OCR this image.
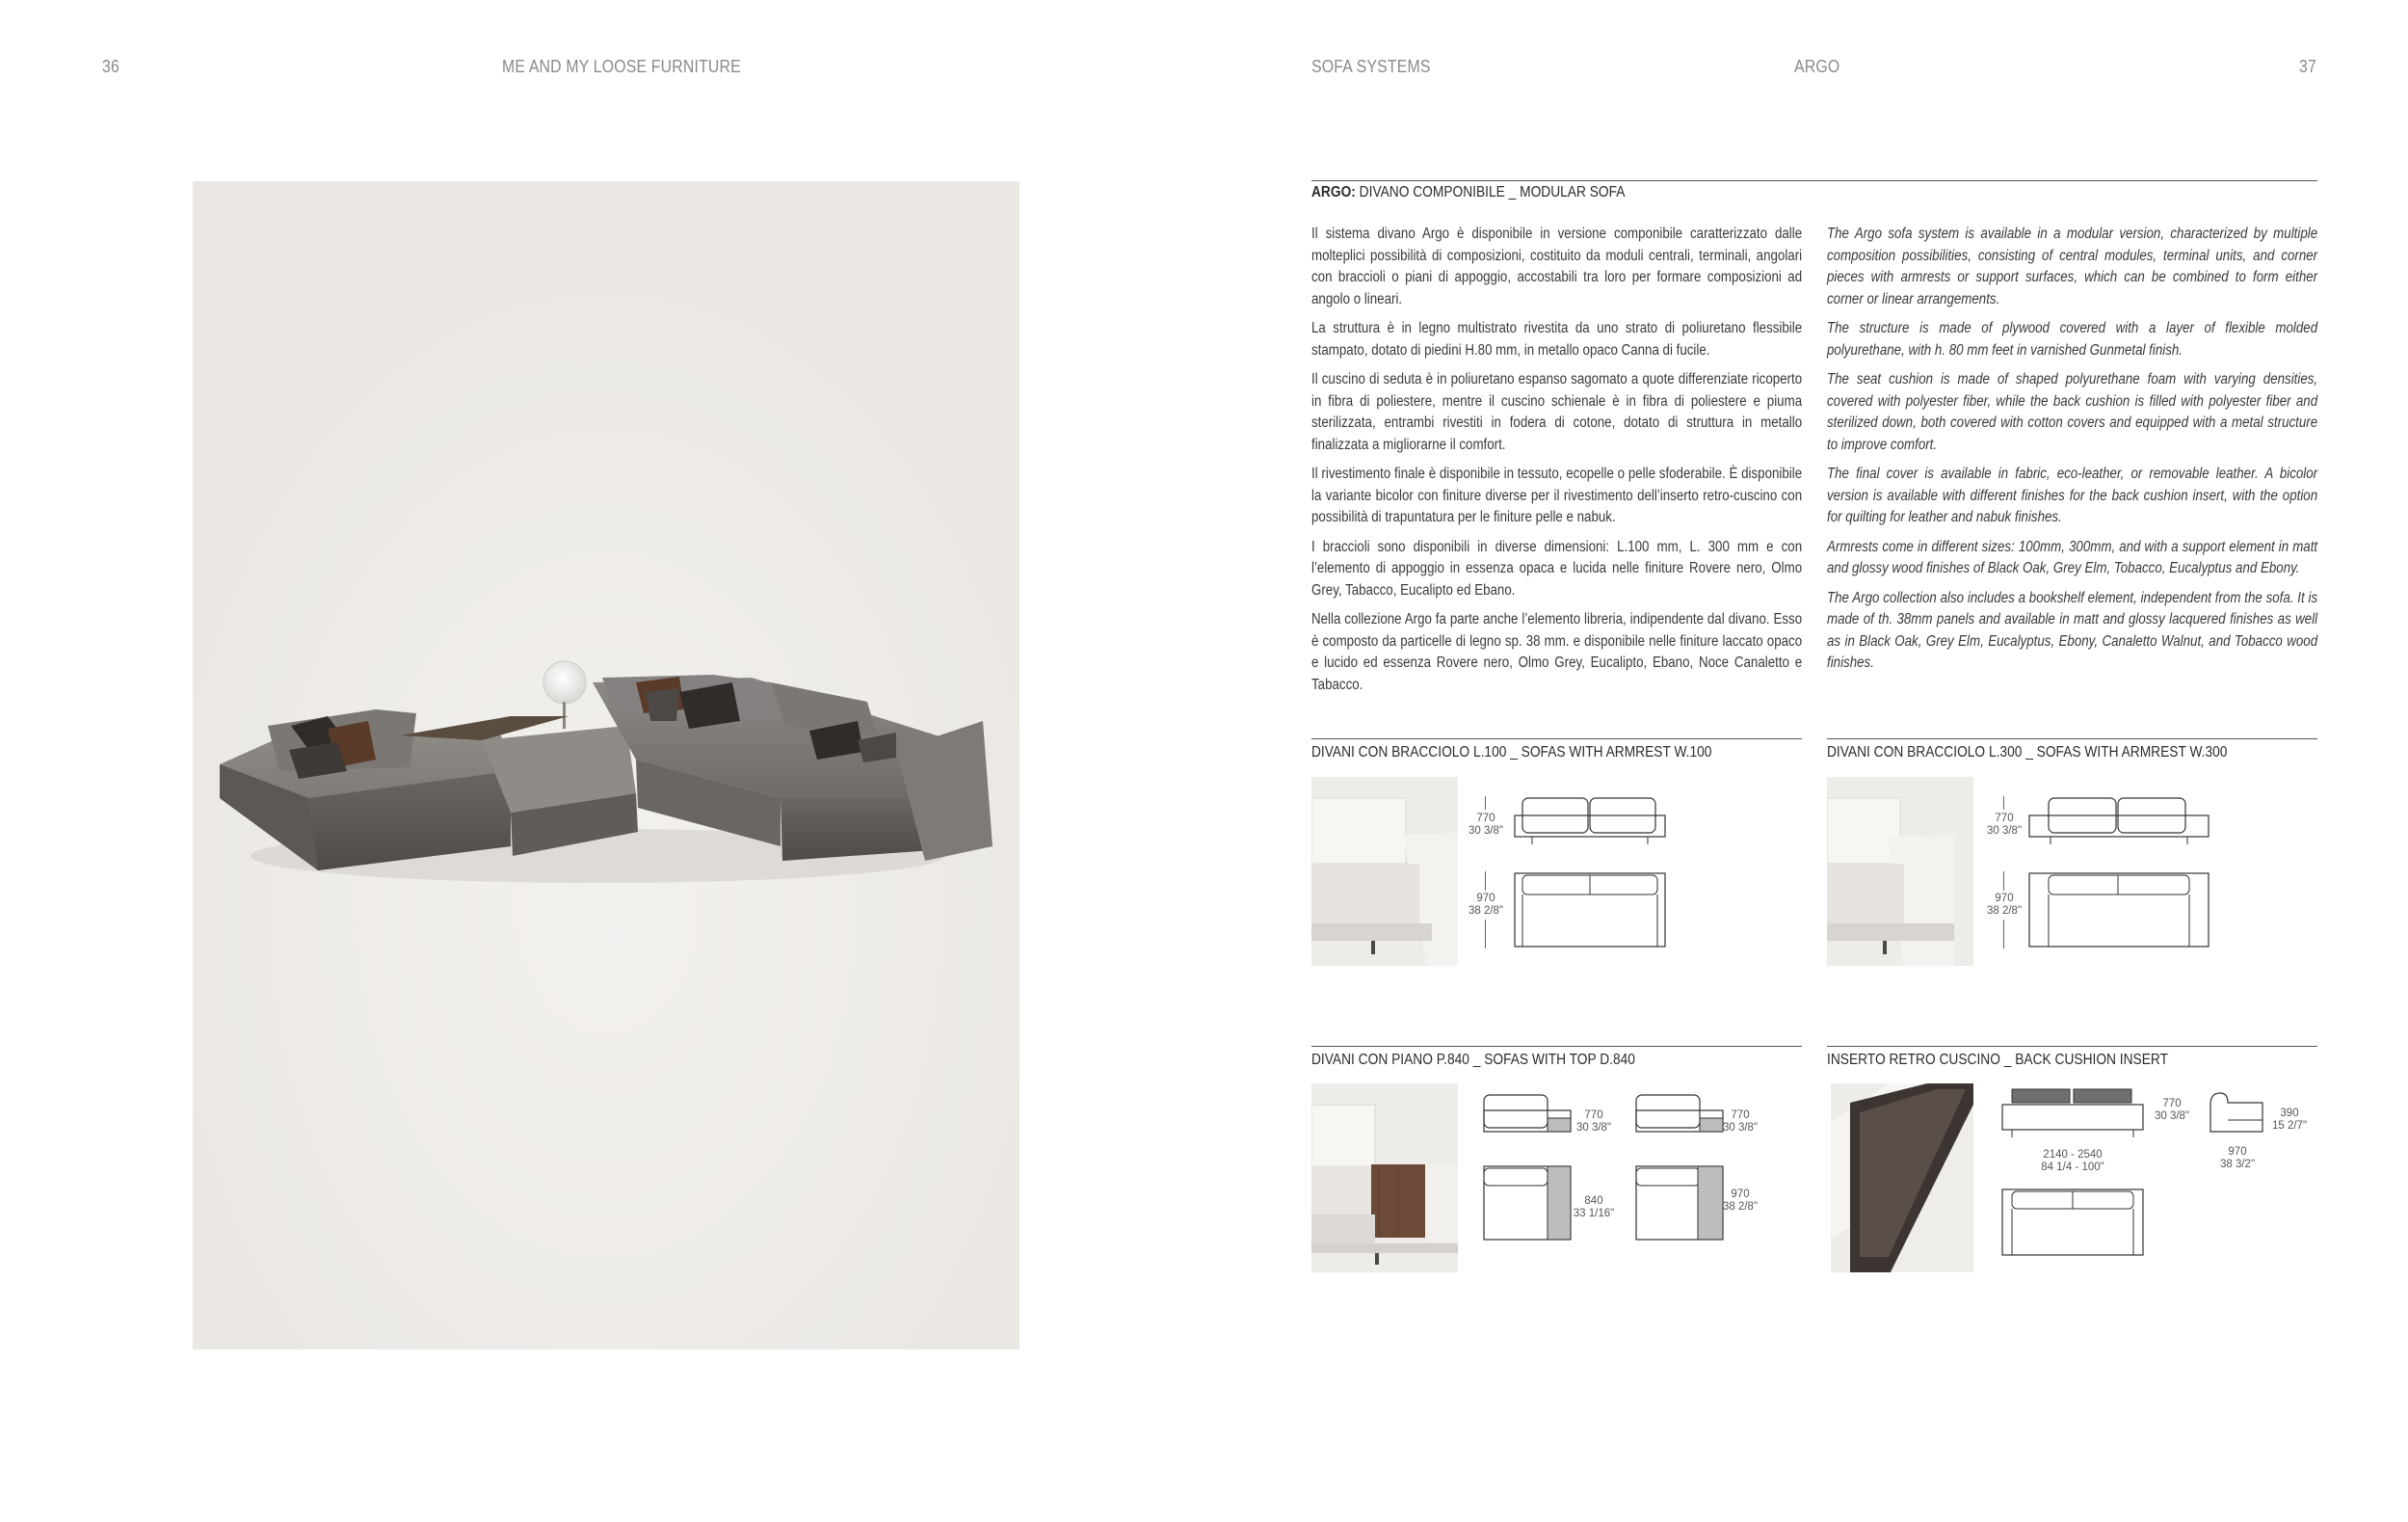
36	ME AND MY LOOSE FURNITURE	SOFA SYSTEMS	ARGO	37
ARGO: DIVANO COMPONIBILE _ MODULAR SOFA

Il sistema divano Argo è disponibile in versione componibile caratterizzato dalle molteplici possibilità di composizioni, costituito da moduli centrali, terminali, angolari con braccioli o piani di appoggio, accostabili tra loro per formare composizioni ad angolo o lineari.

La struttura è in legno multistrato rivestita da uno strato di poliuretano flessibile stampato, dotato di piedini H.80 mm, in metallo opaco Canna di fucile.

Il cuscino di seduta è in poliuretano espanso sagomato a quote differenziate ricoperto in fibra di poliestere, mentre il cuscino schienale è in fibra di poliestere e piuma sterilizzata, entrambi rivestiti in fodera di cotone, dotato di struttura in metallo finalizzata a migliorarne il comfort.

Il rivestimento finale è disponibile in tessuto, ecopelle o pelle sfoderabile. È disponibile la variante bicolor con finiture diverse per il rivestimento dell’inserto retro-cuscino con possibilità di trapuntatura per le finiture pelle e nabuk.

I braccioli sono disponibili in diverse dimensioni: L.100 mm, L. 300 mm e con l’elemento di appoggio in essenza opaca e lucida nelle finiture Rovere nero, Olmo Grey, Tabacco, Eucalipto ed Ebano.

Nella collezione Argo fa parte anche l’elemento libreria, indipendente dal divano. Esso è composto da particelle di legno sp. 38 mm. e disponibile nelle finiture laccato opaco e lucido ed essenza Rovere nero, Olmo Grey, Eucalipto, Ebano, Noce Canaletto e Tabacco.

The Argo sofa system is available in a modular version, characterized by multiple composition possibilities, consisting of central modules, terminal units, and corner pieces with armrests or support surfaces, which can be combined to form either corner or linear arrangements.

The structure is made of plywood covered with a layer of flexible molded polyurethane, with h. 80 mm feet in varnished Gunmetal finish.

The seat cushion is made of shaped polyurethane foam with varying densities, covered with polyester fiber, while the back cushion is filled with polyester fiber and sterilized down, both covered with cotton covers and equipped with a metal structure to improve comfort.

The final cover is available in fabric, eco-leather, or removable leather. A bicolor version is available with different finishes for the back cushion insert, with the option for quilting for leather and nabuk finishes.

Armrests come in different sizes: 100mm, 300mm, and with a support element in matt and glossy wood finishes of Black Oak, Grey Elm, Tobacco, Eucalyptus and Ebony.

The Argo collection also includes a bookshelf element, independent from the sofa. It is made of th. 38mm panels and available in matt and glossy lacquered finishes as well as in Black Oak, Grey Elm, Eucalyptus, Ebony, Canaletto Walnut, and Tobacco wood finishes.

DIVANI CON BRACCIOLO L.100 _ SOFAS WITH ARMREST W.100
770
30 3/8"
970
38 2/8"
DIVANI CON BRACCIOLO L.300 _ SOFAS WITH ARMREST W.300
770
30 3/8"
970
38 2/8"
DIVANI CON PIANO P.840 _ SOFAS WITH TOP D.840
770
30 3/8"
770
30 3/8"
840
33 1/16"
970
38 2/8"
INSERTO RETRO CUSCINO _ BACK CUSHION INSERT
2140 - 2540
84 1/4 - 100"
770
30 3/8"	390
15 2/7"
970
38 3/2"
